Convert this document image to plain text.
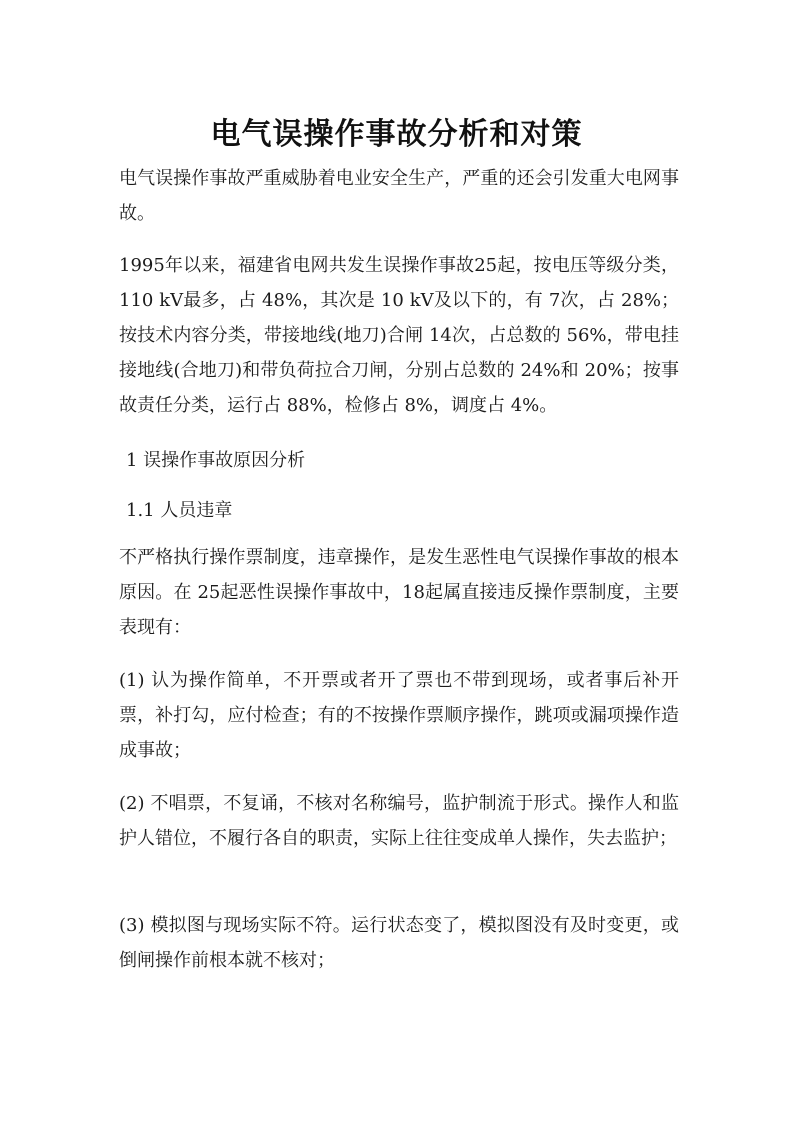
电气误操作事故分析和对策

电气误操作事故严重威胁着电业安全生产，严重的还会引发重大电网事故。

1995年以来，福建省电网共发生误操作事故25起，按电压等级分类，110 kV最多，占 48%，其次是 10 kV及以下的，有 7次，占 28%；按技术内容分类，带接地线(地刀)合闸 14次，占总数的 56%，带电挂接地线(合地刀)和带负荷拉合刀闸，分别占总数的 24%和 20%；按事故责任分类，运行占 88%，检修占 8%，调度占 4%。

1 误操作事故原因分析

1.1 人员违章

不严格执行操作票制度，违章操作，是发生恶性电气误操作事故的根本原因。在 25起恶性误操作事故中，18起属直接违反操作票制度，主要表现有：

(1) 认为操作简单，不开票或者开了票也不带到现场，或者事后补开票，补打勾，应付检查；有的不按操作票顺序操作，跳项或漏项操作造成事故；

(2) 不唱票，不复诵，不核对名称编号，监护制流于形式。操作人和监护人错位，不履行各自的职责，实际上往往变成单人操作，失去监护；

(3) 模拟图与现场实际不符。运行状态变了，模拟图没有及时变更，或倒闸操作前根本就不核对；
